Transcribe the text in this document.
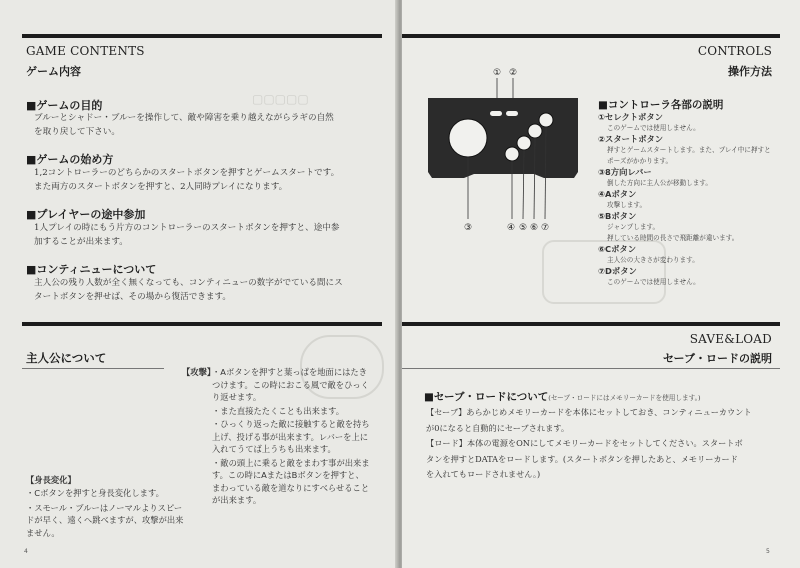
▢▢▢▢▢
GAME CONTENTS
ゲーム内容
■ゲームの目的
ブルーとシャドー・ブルーを操作して、敵や障害を乗り越えながらラギの自然
を取り戻して下さい。
■ゲームの始め方
1,2コントローラーのどちらかのスタートボタンを押すとゲームスタートです。
また両方のスタートボタンを押すと、2人同時プレイになります。
■プレイヤーの途中参加
1人プレイの時にもう片方のコントローラーのスタートボタンを押すと、途中参
加することが出来ます。
■コンティニューについて
主人公の残り人数が全く無くなっても、コンティニューの数字がでている間にス
タートボタンを押せば、その場から復活できます。
主人公について
【攻撃】
・Aボタンを押すと葉っぱを地面にはたきつけます。この時におこる風で敵をひっくり返せます。
・また直接たたくことも出来ます。
・ひっくり返った敵に接触すると敵を持ち上げ、投げる事が出来ます。レバーを上に入れてうてば上うちも出来ます。
・敵の頭上に乗ると敵をまわす事が出来ます。この時にAまたはBボタンを押すと、まわっている敵を道なりにすべらせることが出来ます。
【身長変化】
・Cボタンを押すと身長変化します。
・スモール・ブルーはノーマルよりスピードが早く、遠くへ跳べますが、攻撃が出来ません。
4
CONTROLS
操作方法
① ②
③	④ ⑤ ⑥ ⑦
■コントローラ各部の説明
①セレクトボタン
このゲームでは使用しません。
②スタートボタン
押すとゲームスタートします。また、プレイ中に押すと
ポーズがかかります。
③8方向レバー
倒した方向に主人公が移動します。
④Aボタン
攻撃します。
⑤Bボタン
ジャンプします。
押している時間の長さで飛距離が違います。
⑥Cボタン
主人公の大きさが変わります。
⑦Dボタン
このゲームでは使用しません。
SAVE&LOAD
セーブ・ロードの説明
■セーブ・ロードについて(セーブ・ロードにはメモリーカードを使用します。)
【セーブ】あらかじめメモリーカードを本体にセットしておき、コンティニューカウント
が0になると自動的にセーブされます。
【ロード】本体の電源をONにしてメモリーカードをセットしてください。スタートボ
タンを押すとDATAをロードします。(スタートボタンを押したあと、メモリーカード
を入れてもロードされません。)
5
